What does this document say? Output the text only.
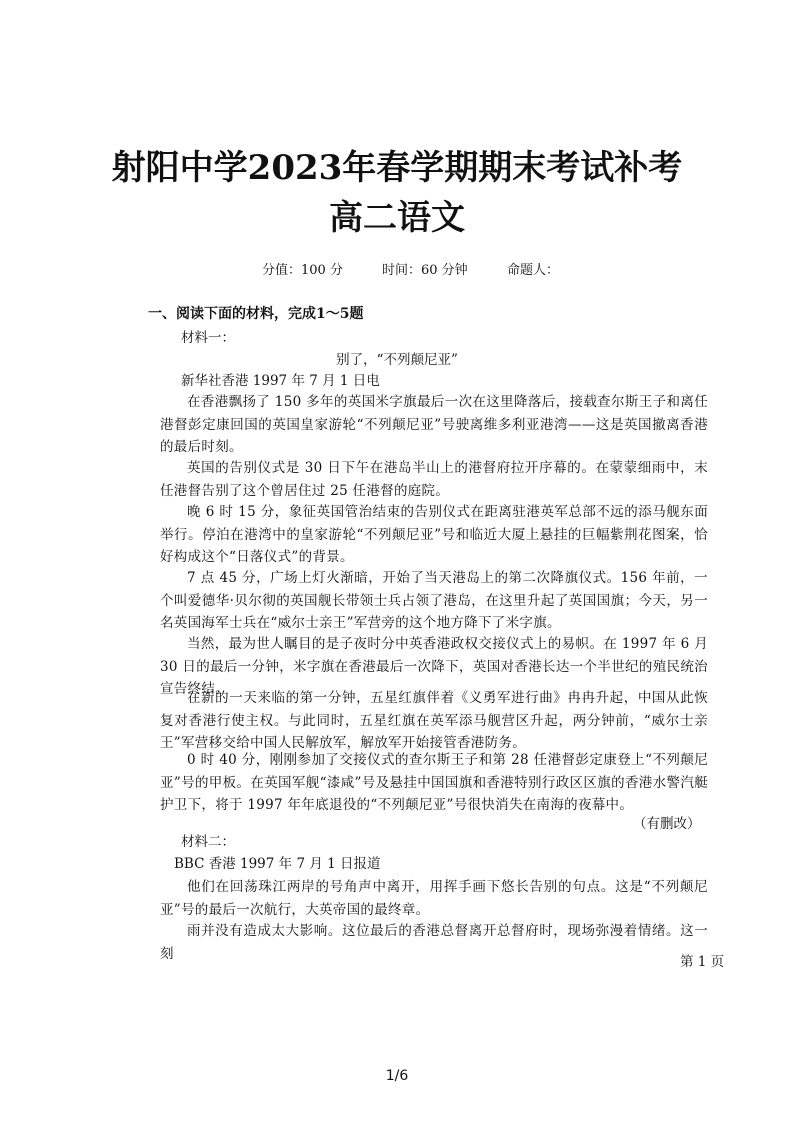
射阳中学2023年春学期期末考试补考
高二语文
分值：100 分	时间：60 分钟	命题人：
一、阅读下面的材料，完成1～5题
材料一：
别了，“不列颠尼亚”
新华社香港 1997 年 7 月 1 日电
在香港飘扬了 150 多年的英国米字旗最后一次在这里降落后，接载查尔斯王子和离任港督彭定康回国的英国皇家游轮“不列颠尼亚”号驶离维多利亚港湾——这是英国撤离香港的最后时刻。
英国的告别仪式是 30 日下午在港岛半山上的港督府拉开序幕的。在蒙蒙细雨中，末任港督告别了这个曾居住过 25 任港督的庭院。
晚 6 时 15 分，象征英国管治结束的告别仪式在距离驻港英军总部不远的添马舰东面举行。停泊在港湾中的皇家游轮“不列颠尼亚”号和临近大厦上悬挂的巨幅紫荆花图案，恰好构成这个“日落仪式”的背景。
7 点 45 分，广场上灯火渐暗，开始了当天港岛上的第二次降旗仪式。156 年前，一个叫爱德华·贝尔彻的英国舰长带领士兵占领了港岛，在这里升起了英国国旗；今天，另一名英国海军士兵在“威尔士亲王”军营旁的这个地方降下了米字旗。
当然，最为世人瞩目的是子夜时分中英香港政权交接仪式上的易帜。在 1997 年 6 月 30 日的最后一分钟，米字旗在香港最后一次降下，英国对香港长达一个半世纪的殖民统治宣告终结。
在新的一天来临的第一分钟，五星红旗伴着《义勇军进行曲》冉冉升起，中国从此恢复对香港行使主权。与此同时，五星红旗在英军添马舰营区升起，两分钟前，“威尔士亲王”军营移交给中国人民解放军，解放军开始接管香港防务。
0 时 40 分，刚刚参加了交接仪式的查尔斯王子和第 28 任港督彭定康登上“不列颠尼亚”号的甲板。在英国军舰“漆咸”号及悬挂中国国旗和香港特别行政区区旗的香港水警汽艇护卫下，将于 1997 年年底退役的“不列颠尼亚”号很快消失在南海的夜幕中。
（有删改）
材料二：
BBC 香港 1997 年 7 月 1 日报道
他们在回荡珠江两岸的号角声中离开，用挥手画下悠长告别的句点。这是“不列颠尼亚”号的最后一次航行，大英帝国的最终章。
雨并没有造成太大影响。这位最后的香港总督离开总督府时，现场弥漫着情绪。这一刻
第 1 页
1/6
